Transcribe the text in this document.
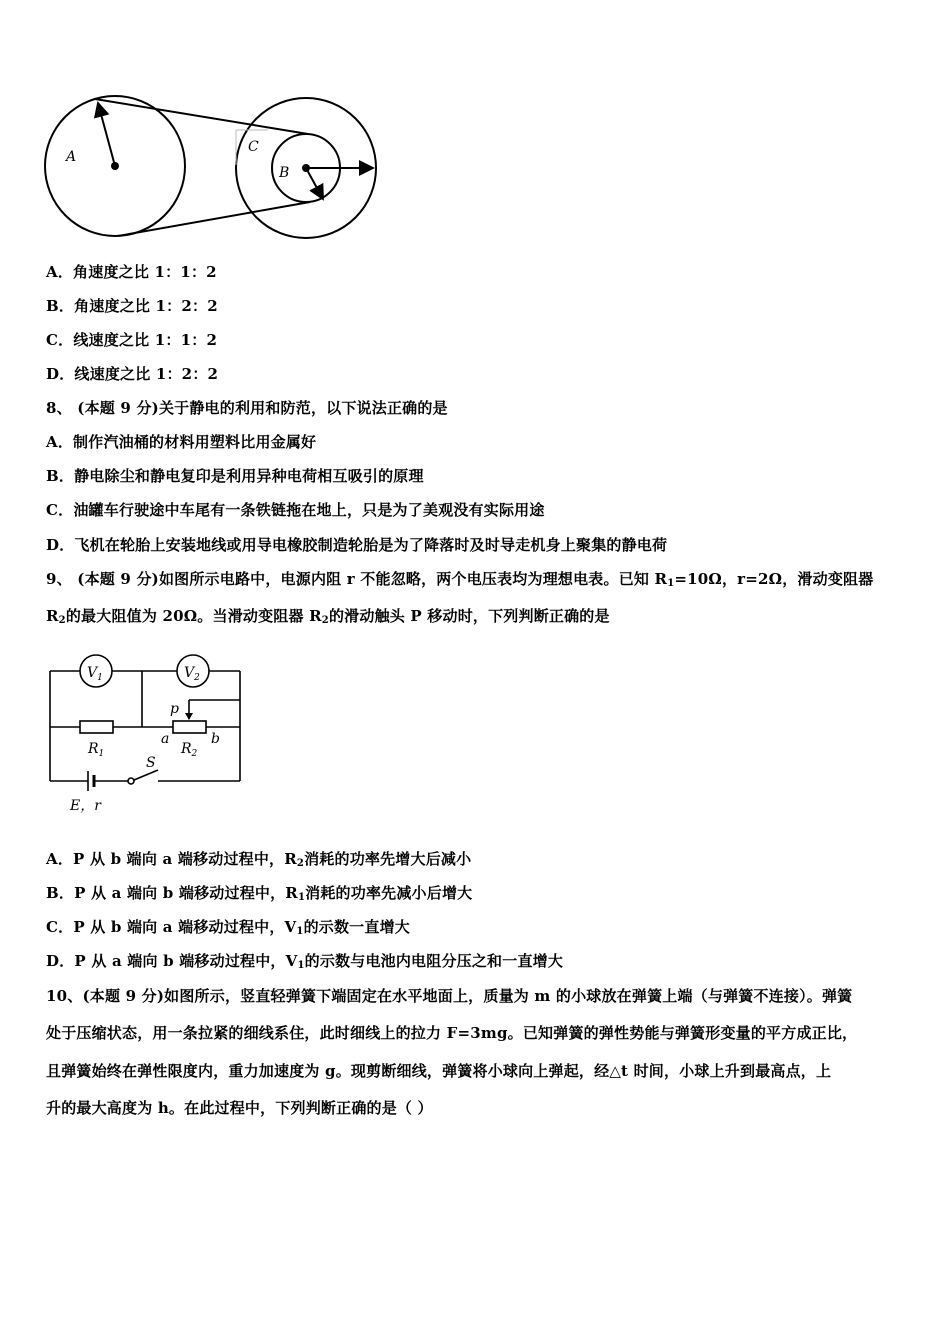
A
C
B
A．角速度之比 1：1：2
B．角速度之比 1：2：2
C．线速度之比 1：1：2
D．线速度之比 1：2：2
8、 (本题 9 分)关于静电的利用和防范，以下说法正确的是
A．制作汽油桶的材料用塑料比用金属好
B．静电除尘和静电复印是利用异种电荷相互吸引的原理
C．油罐车行驶途中车尾有一条铁链拖在地上，只是为了美观没有实际用途
D．飞机在轮胎上安装地线或用导电橡胶制造轮胎是为了降落时及时导走机身上聚集的静电荷
9、 (本题 9 分)如图所示电路中，电源内阻 r 不能忽略，两个电压表均为理想电表。已知 $R_1=10\Omega$，r=2Ω，滑动变阻器
$R_2$的最大阻值为 20Ω。当滑动变阻器 $R_2$的滑动触头 P 移动时，下列判断正确的是
$V_1$	$V_2$
$R_1$	$R_2$
p
a	b
S
E，r
A．P 从 b 端向 a 端移动过程中，$R_2$消耗的功率先增大后减小
B．P 从 a 端向 b 端移动过程中，$R_1$消耗的功率先减小后增大
C．P 从 b 端向 a 端移动过程中，$V_1$的示数一直增大
D．P 从 a 端向 b 端移动过程中，$V_1$的示数与电池内电阻分压之和一直增大
10、(本题 9 分)如图所示，竖直轻弹簧下端固定在水平地面上，质量为 m 的小球放在弹簧上端（与弹簧不连接）。弹簧
处于压缩状态，用一条拉紧的细线系住，此时细线上的拉力 F=3mg。已知弹簧的弹性势能与弹簧形变量的平方成正比，
且弹簧始终在弹性限度内，重力加速度为 g。现剪断细线，弹簧将小球向上弹起，经△t 时间，小球上升到最高点，上
升的最大高度为 h。在此过程中，下列判断正确的是（ ）
